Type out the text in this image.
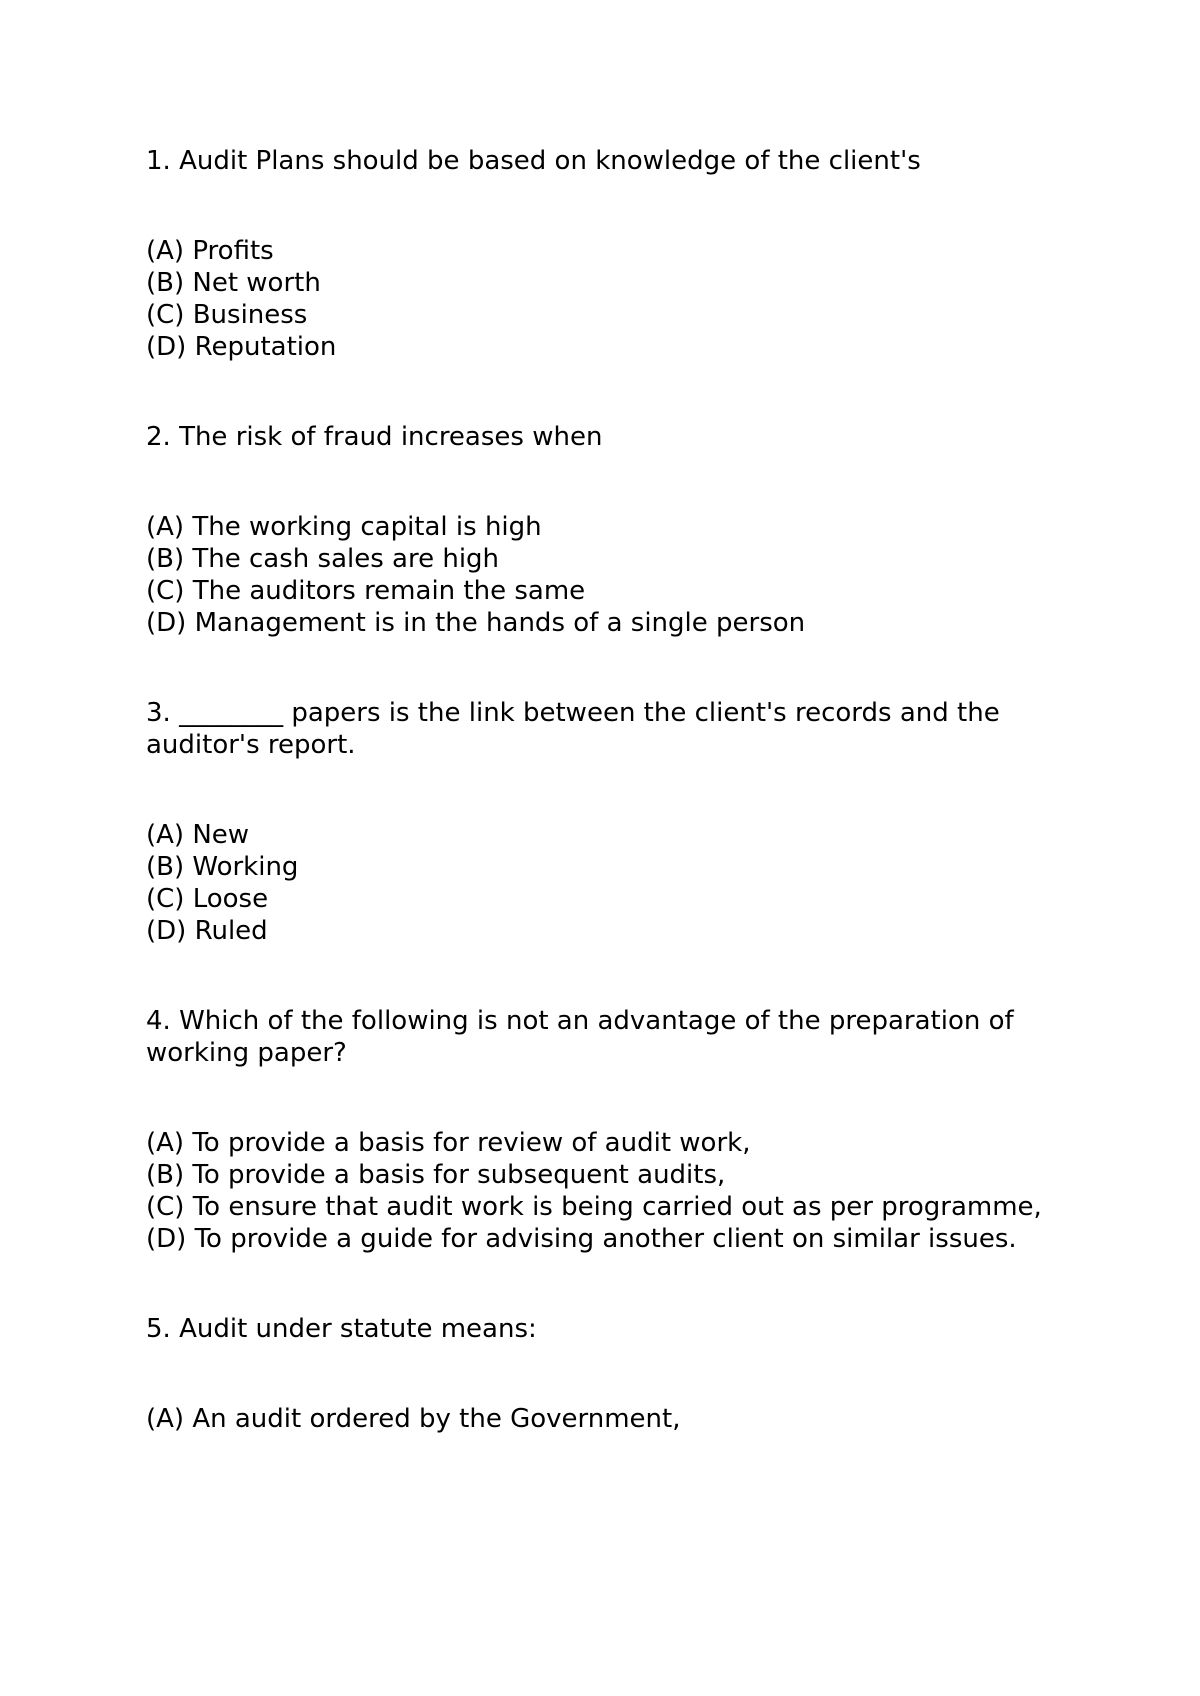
1. Audit Plans should be based on knowledge of the client's

(A) Profits

(B) Net worth

(C) Business

(D) Reputation

2. The risk of fraud increases when

(A) The working capital is high

(B) The cash sales are high

(C) The auditors remain the same

(D) Management is in the hands of a single person

3. ________ papers is the link between the client's records and the auditor's report.

(A) New

(B) Working

(C) Loose

(D) Ruled

4. Which of the following is not an advantage of the preparation of working paper?

(A) To provide a basis for review of audit work,

(B) To provide a basis for subsequent audits,

(C) To ensure that audit work is being carried out as per programme,

(D) To provide a guide for advising another client on similar issues.

5. Audit under statute means:

(A) An audit ordered by the Government,
